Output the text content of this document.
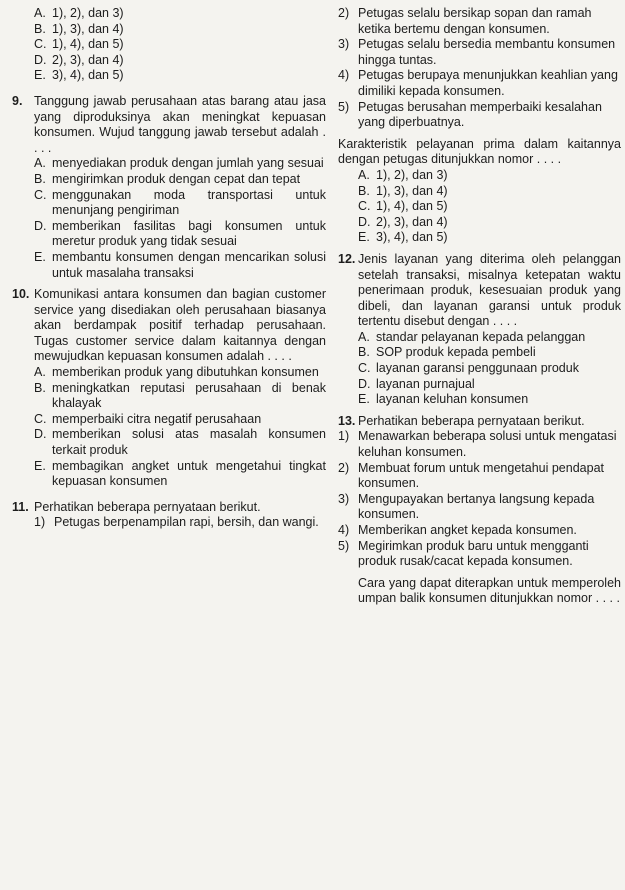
A. 1), 2), dan 3)
B. 1), 3), dan 4)
C. 1), 4), dan 5)
D. 2), 3), dan 4)
E. 3), 4), dan 5)
9. Tanggung jawab perusahaan atas barang atau jasa yang diproduksinya akan meningkat kepuasan konsumen. Wujud tanggung jawab tersebut adalah . . . .
A. menyediakan produk dengan jumlah yang sesuai
B. mengirimkan produk dengan cepat dan tepat
C. menggunakan moda transportasi untuk menunjang pengiriman
D. memberikan fasilitas bagi konsumen untuk meretur produk yang tidak sesuai
E. membantu konsumen dengan mencarikan solusi untuk masalaha transaksi
10. Komunikasi antara konsumen dan bagian customer service yang disediakan oleh perusahaan biasanya akan berdampak positif terhadap perusahaan. Tugas customer service dalam kaitannya dengan mewujudkan kepuasan konsumen adalah . . . .
A. memberikan produk yang dibutuhkan konsumen
B. meningkatkan reputasi perusahaan di benak khalayak
C. memperbaiki citra negatif perusahaan
D. memberikan solusi atas masalah konsumen terkait produk
E. membagikan angket untuk mengetahui tingkat kepuasan konsumen
11. Perhatikan beberapa pernyataan berikut.
1) Petugas berpenampilan rapi, bersih, dan wangi.
2) Petugas selalu bersikap sopan dan ramah ketika bertemu dengan konsumen.
3) Petugas selalu bersedia membantu konsumen hingga tuntas.
4) Petugas berupaya menunjukkan keahlian yang dimiliki kepada konsumen.
5) Petugas berusahan memperbaiki kesalahan yang diperbuatnya.
Karakteristik pelayanan prima dalam kaitannya dengan petugas ditunjukkan nomor . . . .
A. 1), 2), dan 3)
B. 1), 3), dan 4)
C. 1), 4), dan 5)
D. 2), 3), dan 4)
E. 3), 4), dan 5)
12. Jenis layanan yang diterima oleh pelanggan setelah transaksi, misalnya ketepatan waktu penerimaan produk, kesesuaian produk yang dibeli, dan layanan garansi untuk produk tertentu disebut dengan . . . .
A. standar pelayanan kepada pelanggan
B. SOP produk kepada pembeli
C. layanan garansi penggunaan produk
D. layanan purnajual
E. layanan keluhan konsumen
13. Perhatikan beberapa pernyataan berikut.
1) Menawarkan beberapa solusi untuk mengatasi keluhan konsumen.
2) Membuat forum untuk mengetahui pendapat konsumen.
3) Mengupayakan bertanya langsung kepada konsumen.
4) Memberikan angket kepada konsumen.
5) Megirimkan produk baru untuk mengganti produk rusak/cacat kepada konsumen.
Cara yang dapat diterapkan untuk memperoleh umpan balik konsumen ditunjukkan nomor . . . .
